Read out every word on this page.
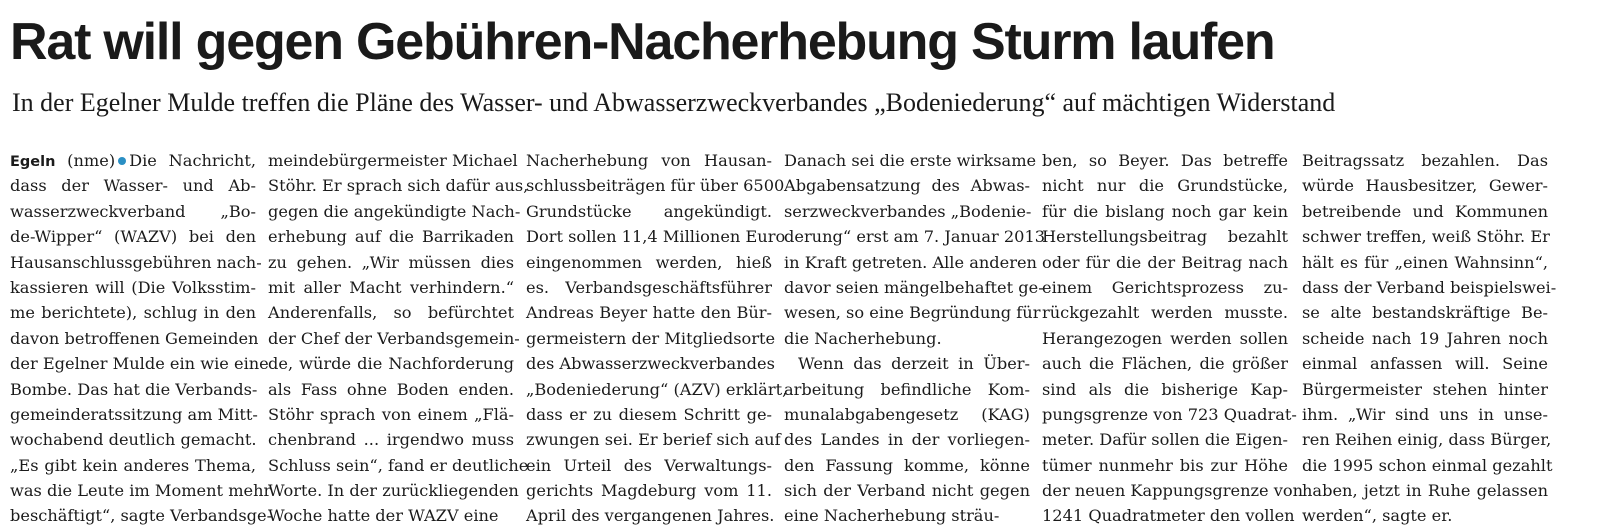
Rat will gegen Gebühren-Nacherhebung Sturm laufen
In der Egelner Mulde treffen die Pläne des Wasser- und Abwasserzweckverbandes „Bodeniederung“ auf mächtigen Widerstand
Egeln (nme) Die Nachricht,
dass der Wasser- und Ab-
wasserzweckverband „Bo-
de-Wipper“ (WAZV) bei den
Hausanschlussgebühren nach-
kassieren will (Die Volksstim-
me berichtete), schlug in den
davon betroffenen Gemeinden
der Egelner Mulde ein wie eine
Bombe. Das hat die Verbands-
gemeinderatssitzung am Mitt-
wochabend deutlich gemacht.
„Es gibt kein anderes Thema,
was die Leute im Moment mehr
beschäftigt“, sagte Verbandsge-
meindebürgermeister Michael
Stöhr. Er sprach sich dafür aus,
gegen die angekündigte Nach-
erhebung auf die Barrikaden
zu gehen. „Wir müssen dies
mit aller Macht verhindern.“
Anderenfalls, so befürchtet
der Chef der Verbandsgemein-
de, würde die Nachforderung
als Fass ohne Boden enden.
Stöhr sprach von einem „Flä-
chenbrand ... irgendwo muss
Schluss sein“, fand er deutliche
Worte. In der zurückliegenden
Woche hatte der WAZV eine
Nacherhebung von Hausan-
schlussbeiträgen für über 6500
Grundstücke angekündigt.
Dort sollen 11,4 Millionen Euro
eingenommen werden, hieß
es. Verbandsgeschäftsführer
Andreas Beyer hatte den Bür-
germeistern der Mitgliedsorte
des Abwasserzweckverbandes
„Bodeniederung“ (AZV) erklärt,
dass er zu diesem Schritt ge-
zwungen sei. Er berief sich auf
ein Urteil des Verwaltungs-
gerichts Magdeburg vom 11.
April des vergangenen Jahres.
Danach sei die erste wirksame
Abgabensatzung des Abwas-
serzweckverbandes „Bodenie-
derung“ erst am 7. Januar 2013
in Kraft getreten. Alle anderen
davor seien mängelbehaftet ge-
wesen, so eine Begründung für
die Nacherhebung.
Wenn das derzeit in Über-
arbeitung befindliche Kom-
munalabgabengesetz (KAG)
des Landes in der vorliegen-
den Fassung komme, könne
sich der Verband nicht gegen
eine Nacherhebung sträu-
ben, so Beyer. Das betreffe
nicht nur die Grundstücke,
für die bislang noch gar kein
Herstellungsbeitrag bezahlt
oder für die der Beitrag nach
einem Gerichtsprozess zu-
rückgezahlt werden musste.
Herangezogen werden sollen
auch die Flächen, die größer
sind als die bisherige Kap-
pungsgrenze von 723 Quadrat-
meter. Dafür sollen die Eigen-
tümer nunmehr bis zur Höhe
der neuen Kappungsgrenze von
1241 Quadratmeter den vollen
Beitragssatz bezahlen. Das
würde Hausbesitzer, Gewer-
betreibende und Kommunen
schwer treffen, weiß Stöhr. Er
hält es für „einen Wahnsinn“,
dass der Verband beispielswei-
se alte bestandskräftige Be-
scheide nach 19 Jahren noch
einmal anfassen will. Seine
Bürgermeister stehen hinter
ihm. „Wir sind uns in unse-
ren Reihen einig, dass Bürger,
die 1995 schon einmal gezahlt
haben, jetzt in Ruhe gelassen
werden“, sagte er.
